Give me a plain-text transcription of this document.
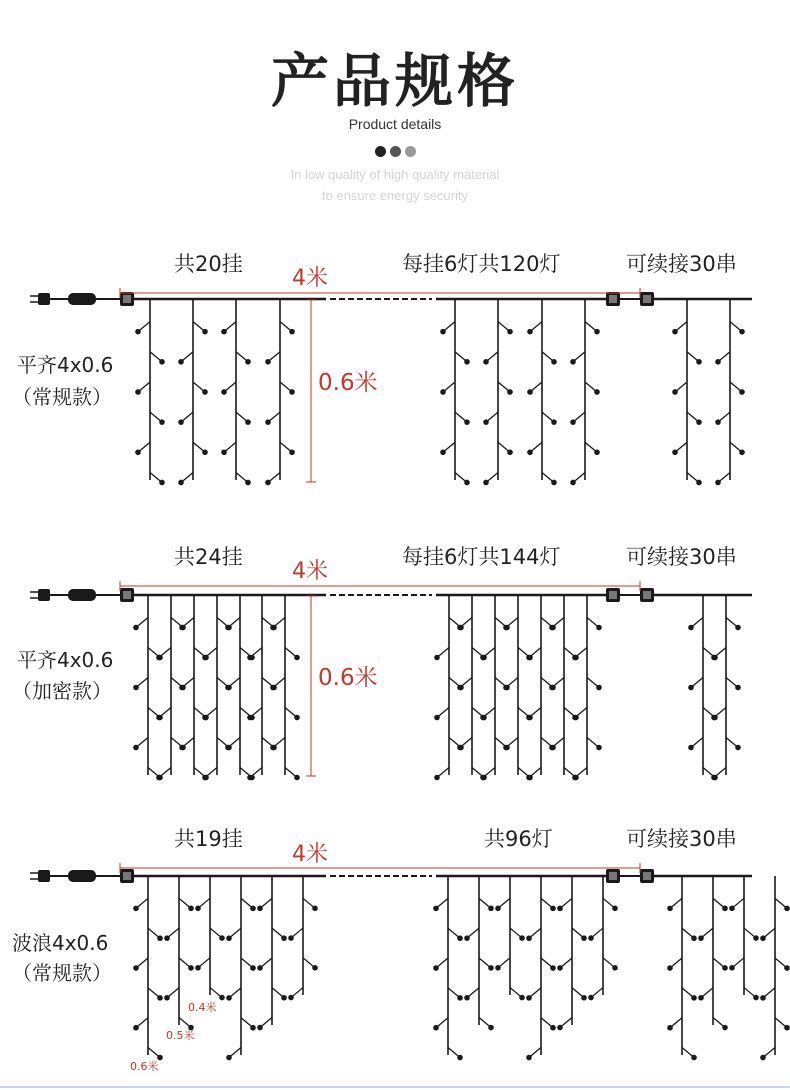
产品规格
Product details
In low quality of high quality material
to ensure energy security
共20挂	每挂6灯共120灯	可续接30串
4米
0.6米
平齐4x0.6
（常规款）
共24挂	每挂6灯共144灯	可续接30串
4米
0.6米
平齐4x0.6
（加密款）
共19挂	共96灯	可续接30串
4米
波浪4x0.6
（常规款）
0.4米
0.5米
0.6米
